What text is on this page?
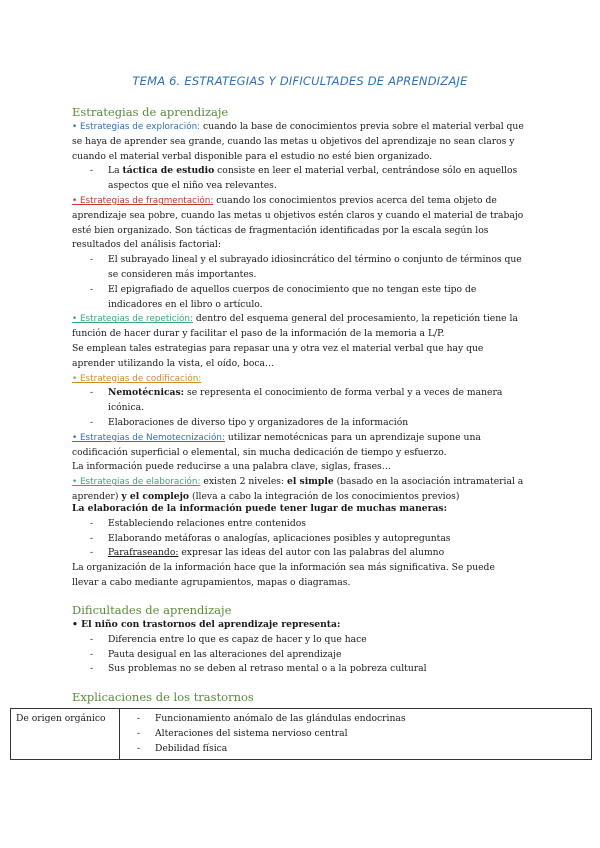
TEMA 6. ESTRATEGIAS Y DIFICULTADES DE APRENDIZAJE

Estrategias de aprendizaje

• Estrategias de exploración: cuando la base de conocimientos previa sobre el material verbal que se haya de aprender sea grande, cuando las metas u objetivos del aprendizaje no sean claros y cuando el material verbal disponible para el estudio no esté bien organizado.

- La táctica de estudio consiste en leer el material verbal, centrándose sólo en aquellos aspectos que el niño vea relevantes.

• Estrategias de fragmentación: cuando los conocimientos previos acerca del tema objeto de aprendizaje sea pobre, cuando las metas u objetivos estén claros y cuando el material de trabajo esté bien organizado. Son tácticas de fragmentación identificadas por la escala según los resultados del análisis factorial:

- El subrayado lineal y el subrayado idiosincrático del término o conjunto de términos que se consideren más importantes.
- El epigrafiado de aquellos cuerpos de conocimiento que no tengan este tipo de indicadores en el libro o artículo.

• Estrategias de repetición: dentro del esquema general del procesamiento, la repetición tiene la función de hacer durar y facilitar el paso de la información de la memoria a L/P.

Se emplean tales estrategias para repasar una y otra vez el material verbal que hay que aprender utilizando la vista, el oído, boca…

• Estrategias de codificación:

- Nemotécnicas: se representa el conocimiento de forma verbal y a veces de manera icónica.
- Elaboraciones de diverso tipo y organizadores de la información

• Estrategias de Nemotecnización: utilizar nemotécnicas para un aprendizaje supone una codificación superficial o elemental, sin mucha dedicación de tiempo y esfuerzo.

La información puede reducirse a una palabra clave, siglas, frases…

• Estrategias de elaboración: existen 2 niveles: el simple (basado en la asociación intramaterial a aprender) y el complejo (lleva a cabo la integración de los conocimientos previos)

La elaboración de la información puede tener lugar de muchas maneras:

- Estableciendo relaciones entre contenidos
- Elaborando metáforas o analogías, aplicaciones posibles y autopreguntas
- Parafraseando: expresar las ideas del autor con las palabras del alumno

La organización de la información hace que la información sea más significativa. Se puede llevar a cabo mediante agrupamientos, mapas o diagramas.

Dificultades de aprendizaje

• El niño con trastornos del aprendizaje representa:

- Diferencia entre lo que es capaz de hacer y lo que hace
- Pauta desigual en las alteraciones del aprendizaje
- Sus problemas no se deben al retraso mental o a la pobreza cultural

Explicaciones de los trastornos

De origen orgánico	
-Funcionamiento anómalo de las glándulas endocrinas
- Alteraciones del sistema nervioso central
- Debilidad física
